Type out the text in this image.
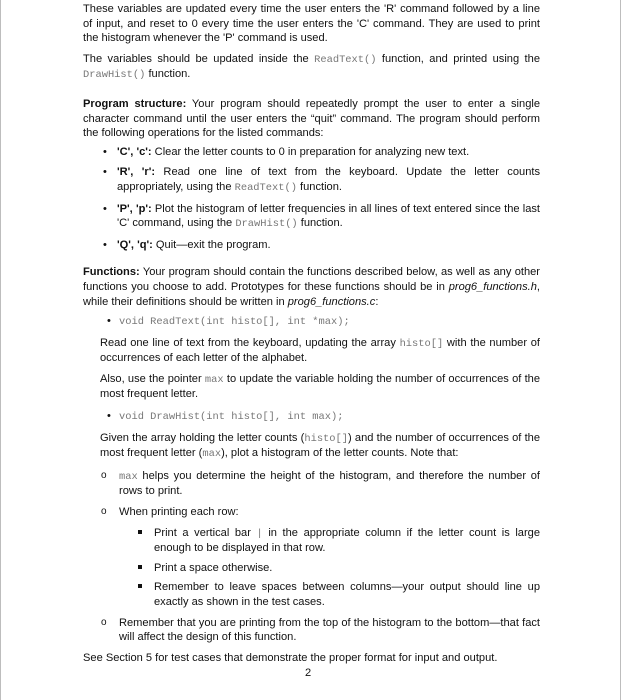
These variables are updated every time the user enters the 'R' command followed by a line of input, and reset to 0 every time the user enters the 'C' command. They are used to print the histogram whenever the 'P' command is used.

The variables should be updated inside the ReadText() function, and printed using the DrawHist() function.

Program structure: Your program should repeatedly prompt the user to enter a single character command until the user enters the “quit” command. The program should perform the following operations for the listed commands:

• 'C', 'c': Clear the letter counts to 0 in preparation for analyzing new text.
• 'R', 'r': Read one line of text from the keyboard. Update the letter counts appropriately, using the ReadText() function.
• 'P', 'p': Plot the histogram of letter frequencies in all lines of text entered since the last 'C' command, using the DrawHist() function.
• 'Q', 'q': Quit—exit the program.

Functions: Your program should contain the functions described below, as well as any other functions you choose to add. Prototypes for these functions should be in prog6_functions.h, while their definitions should be written in prog6_functions.c:

• void ReadText(int histo[], int *max);

Read one line of text from the keyboard, updating the array histo[] with the number of occurrences of each letter of the alphabet.

Also, use the pointer max to update the variable holding the number of occurrences of the most frequent letter.

• void DrawHist(int histo[], int max);

Given the array holding the letter counts (histo[]) and the number of occurrences of the most frequent letter (max), plot a histogram of the letter counts. Note that:

o max helps you determine the height of the histogram, and therefore the number of rows to print.
o When printing each row:
Print a vertical bar | in the appropriate column if the letter count is large enough to be displayed in that row.
Print a space otherwise.
Remember to leave spaces between columns—your output should line up exactly as shown in the test cases.
o Remember that you are printing from the top of the histogram to the bottom—that fact will affect the design of this function.

See Section 5 for test cases that demonstrate the proper format for input and output.

2
